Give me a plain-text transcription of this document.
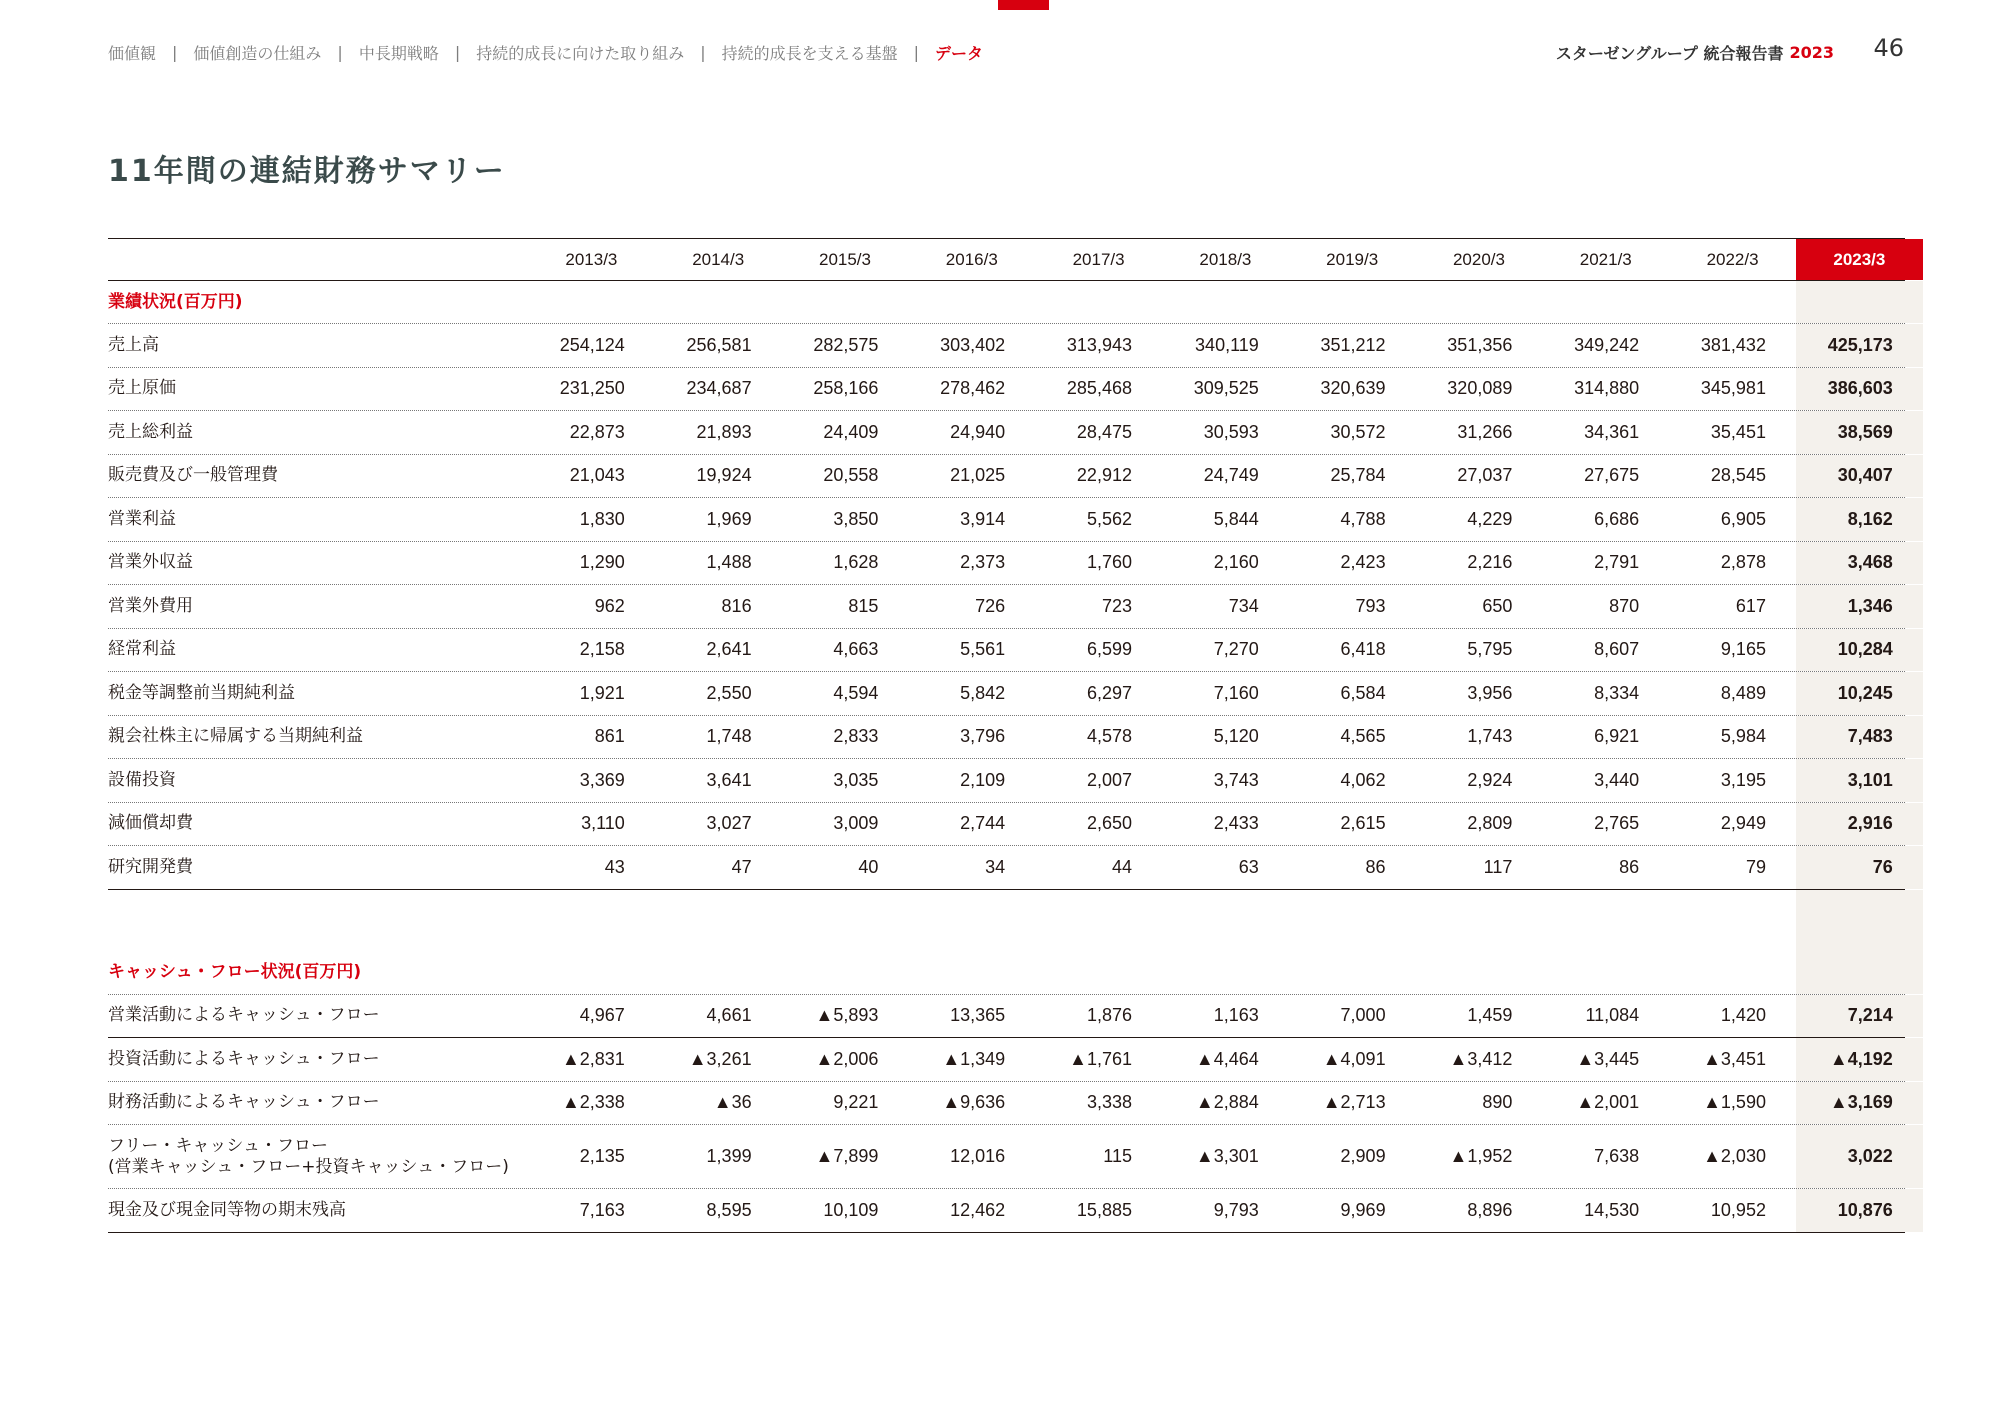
価値観 | 価値創造の仕組み | 中長期戦略 | 持続的成長に向けた取り組み | 持続的成長を支える基盤 | データ	スターゼングループ 統合報告書 2023 46
11年間の連結財務サマリー
2013/3	2014/3	2015/3	2016/3	2017/3	2018/3	2019/3	2020/3	2021/3	2022/3	2023/3
業績状況(百万円)
売上高	254,124	256,581	282,575	303,402	313,943	340,119	351,212	351,356	349,242	381,432	425,173
売上原価	231,250	234,687	258,166	278,462	285,468	309,525	320,639	320,089	314,880	345,981	386,603
売上総利益	22,873	21,893	24,409	24,940	28,475	30,593	30,572	31,266	34,361	35,451	38,569
販売費及び一般管理費	21,043	19,924	20,558	21,025	22,912	24,749	25,784	27,037	27,675	28,545	30,407
営業利益	1,830	1,969	3,850	3,914	5,562	5,844	4,788	4,229	6,686	6,905	8,162
営業外収益	1,290	1,488	1,628	2,373	1,760	2,160	2,423	2,216	2,791	2,878	3,468
営業外費用	962	816	815	726	723	734	793	650	870	617	1,346
経常利益	2,158	2,641	4,663	5,561	6,599	7,270	6,418	5,795	8,607	9,165	10,284
税金等調整前当期純利益	1,921	2,550	4,594	5,842	6,297	7,160	6,584	3,956	8,334	8,489	10,245
親会社株主に帰属する当期純利益	861	1,748	2,833	3,796	4,578	5,120	4,565	1,743	6,921	5,984	7,483
設備投資	3,369	3,641	3,035	2,109	2,007	3,743	4,062	2,924	3,440	3,195	3,101
減価償却費	3,110	3,027	3,009	2,744	2,650	2,433	2,615	2,809	2,765	2,949	2,916
研究開発費	43	47	40	34	44	63	86	117	86	79	76
キャッシュ・フロー状況(百万円)
営業活動によるキャッシュ・フロー	4,967	4,661	▲5,893	13,365	1,876	1,163	7,000	1,459	11,084	1,420	7,214
投資活動によるキャッシュ・フロー	▲2,831	▲3,261	▲2,006	▲1,349	▲1,761	▲4,464	▲4,091	▲3,412	▲3,445	▲3,451	▲4,192
財務活動によるキャッシュ・フロー	▲2,338	▲36	9,221	▲9,636	3,338	▲2,884	▲2,713	890	▲2,001	▲1,590	▲3,169
フリー・キャッシュ・フロー
(営業キャッシュ・フロー+投資キャッシュ・フロー)
2,135	1,399	▲7,899	12,016	115	▲3,301	2,909	▲1,952	7,638	▲2,030	3,022
現金及び現金同等物の期末残高	7,163	8,595	10,109	12,462	15,885	9,793	9,969	8,896	14,530	10,952	10,876
